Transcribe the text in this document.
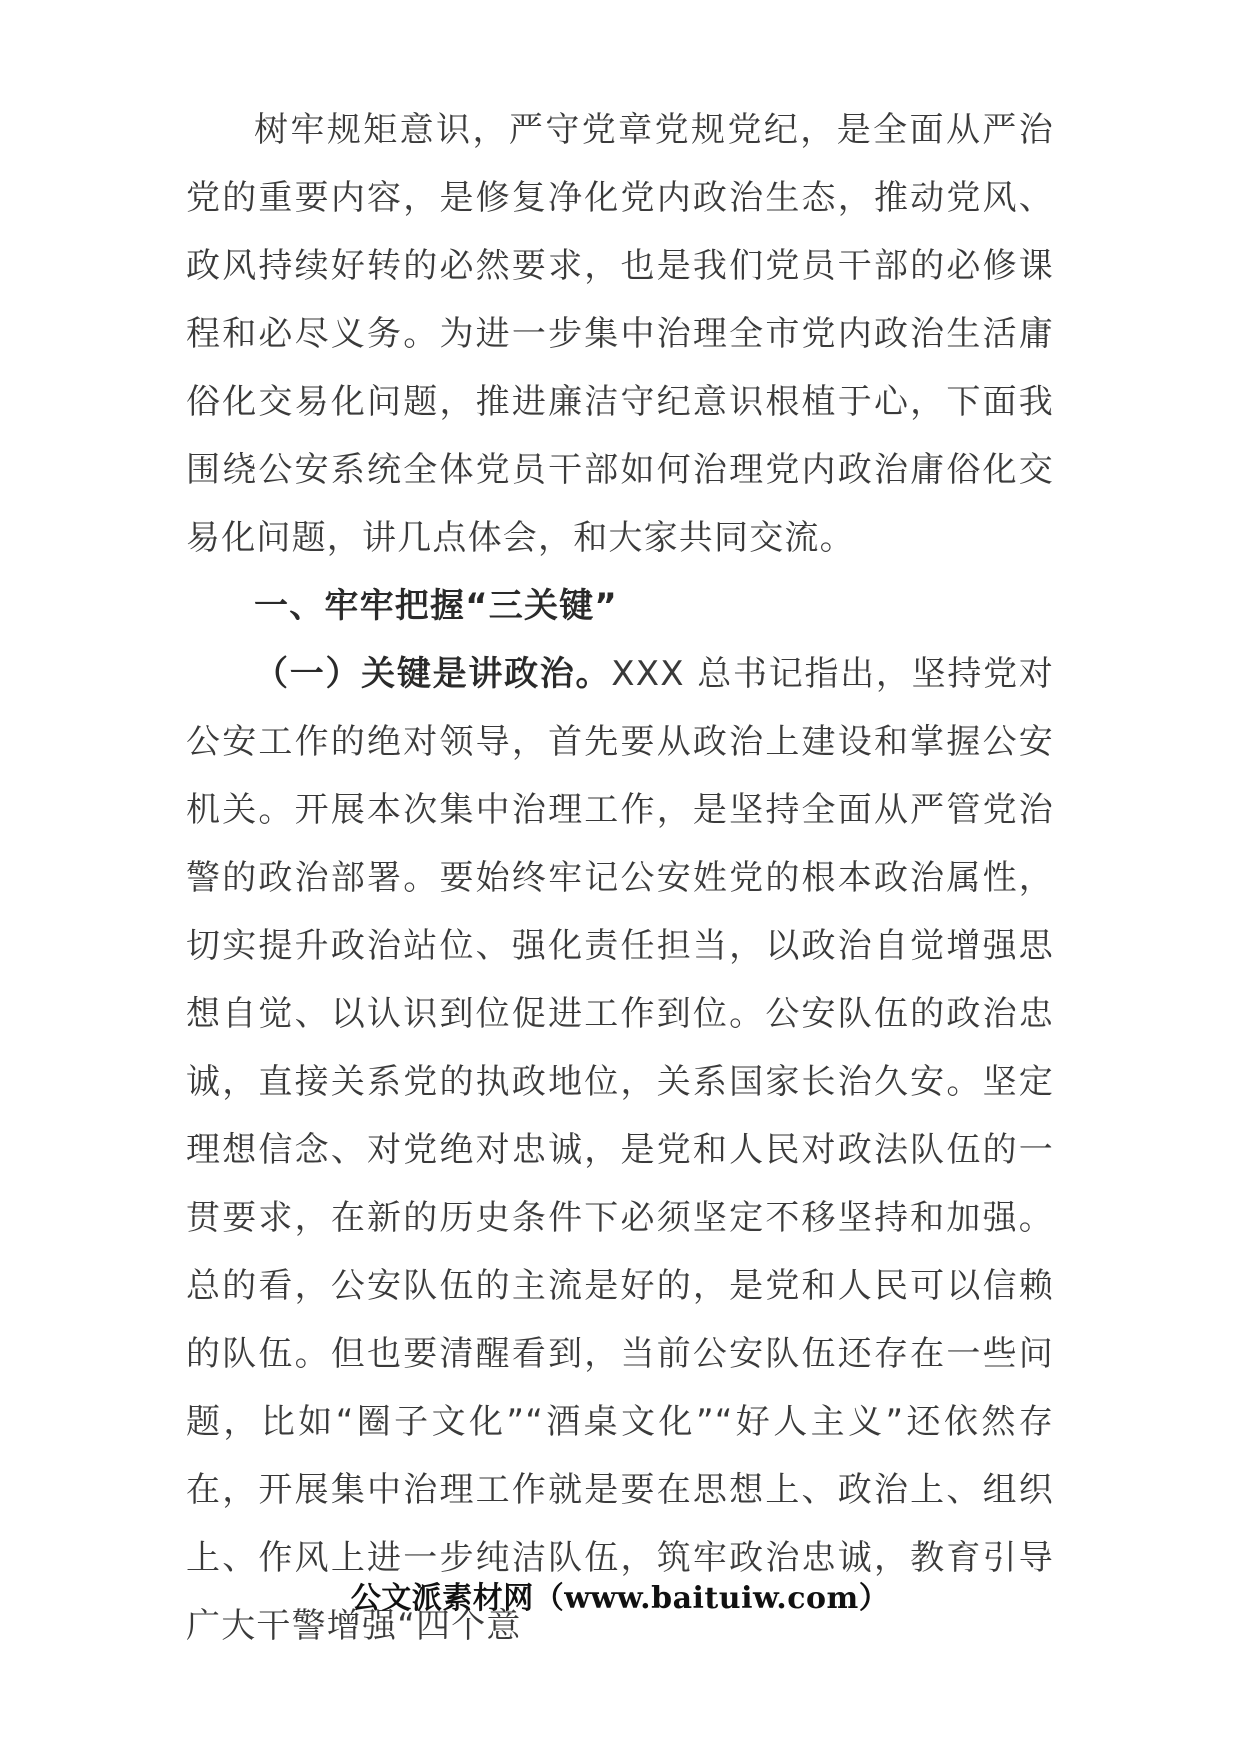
树牢规矩意识，严守党章党规党纪，是全面从严治党的重要内容，是修复净化党内政治生态，推动党风、政风持续好转的必然要求，也是我们党员干部的必修课程和必尽义务。为进一步集中治理全市党内政治生活庸俗化交易化问题，推进廉洁守纪意识根植于心，下面我围绕公安系统全体党员干部如何治理党内政治庸俗化交易化问题，讲几点体会，和大家共同交流。

一、牢牢把握“三关键”

（一）关键是讲政治。XXX 总书记指出，坚持党对公安工作的绝对领导，首先要从政治上建设和掌握公安机关。开展本次集中治理工作，是坚持全面从严管党治警的政治部署。要始终牢记公安姓党的根本政治属性，切实提升政治站位、强化责任担当，以政治自觉增强思想自觉、以认识到位促进工作到位。公安队伍的政治忠诚，直接关系党的执政地位，关系国家长治久安。坚定理想信念、对党绝对忠诚，是党和人民对政法队伍的一贯要求，在新的历史条件下必须坚定不移坚持和加强。总的看，公安队伍的主流是好的，是党和人民可以信赖的队伍。但也要清醒看到，当前公安队伍还存在一些问题，比如“圈子文化”“酒桌文化”“好人主义”还依然存在，开展集中治理工作就是要在思想上、政治上、组织上、作风上进一步纯洁队伍，筑牢政治忠诚，教育引导广大干警增强“四个意

公文派素材网（www.baituiw.com）
